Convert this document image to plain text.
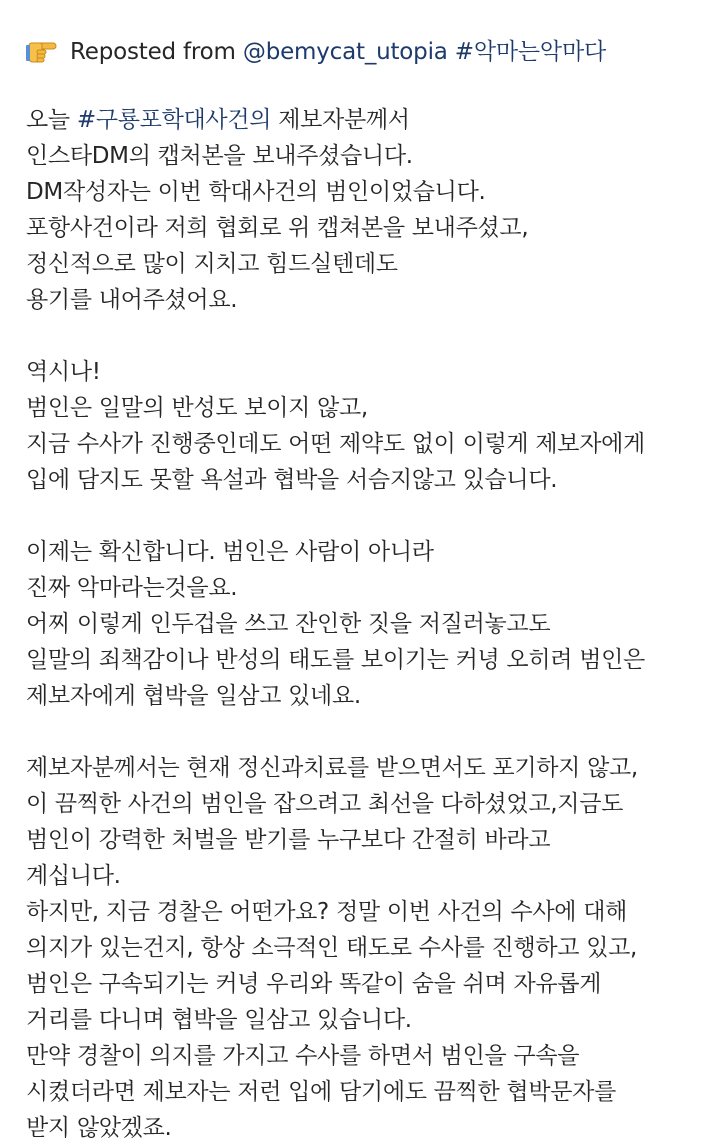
Reposted from @bemycat_utopia #악마는악마다
오늘 #구룡포학대사건의 제보자분께서
인스타DM의 캡처본을 보내주셨습니다.
DM작성자는 이번 학대사건의 범인이었습니다.
포항사건이라 저희 협회로 위 캡쳐본을 보내주셨고,
정신적으로 많이 지치고 힘드실텐데도
용기를 내어주셨어요.
역시나!
범인은 일말의 반성도 보이지 않고,
지금 수사가 진행중인데도 어떤 제약도 없이 이렇게 제보자에게
입에 담지도 못할 욕설과 협박을 서슴지않고 있습니다.
이제는 확신합니다. 범인은 사람이 아니라
진짜 악마라는것을요.
어찌 이렇게 인두겁을 쓰고 잔인한 짓을 저질러놓고도
일말의 죄책감이나 반성의 태도를 보이기는 커녕 오히려 범인은
제보자에게 협박을 일삼고 있네요.
제보자분께서는 현재 정신과치료를 받으면서도 포기하지 않고,
이 끔찍한 사건의 범인을 잡으려고 최선을 다하셨었고,지금도
범인이 강력한 처벌을 받기를 누구보다 간절히 바라고
계십니다.
하지만, 지금 경찰은 어떤가요? 정말 이번 사건의 수사에 대해
의지가 있는건지, 항상 소극적인 태도로 수사를 진행하고 있고,
범인은 구속되기는 커녕 우리와 똑같이 숨을 쉬며 자유롭게
거리를 다니며 협박을 일삼고 있습니다.
만약 경찰이 의지를 가지고 수사를 하면서 범인을 구속을
시켰더라면 제보자는 저런 입에 담기에도 끔찍한 협박문자를
받지 않았겠죠.
